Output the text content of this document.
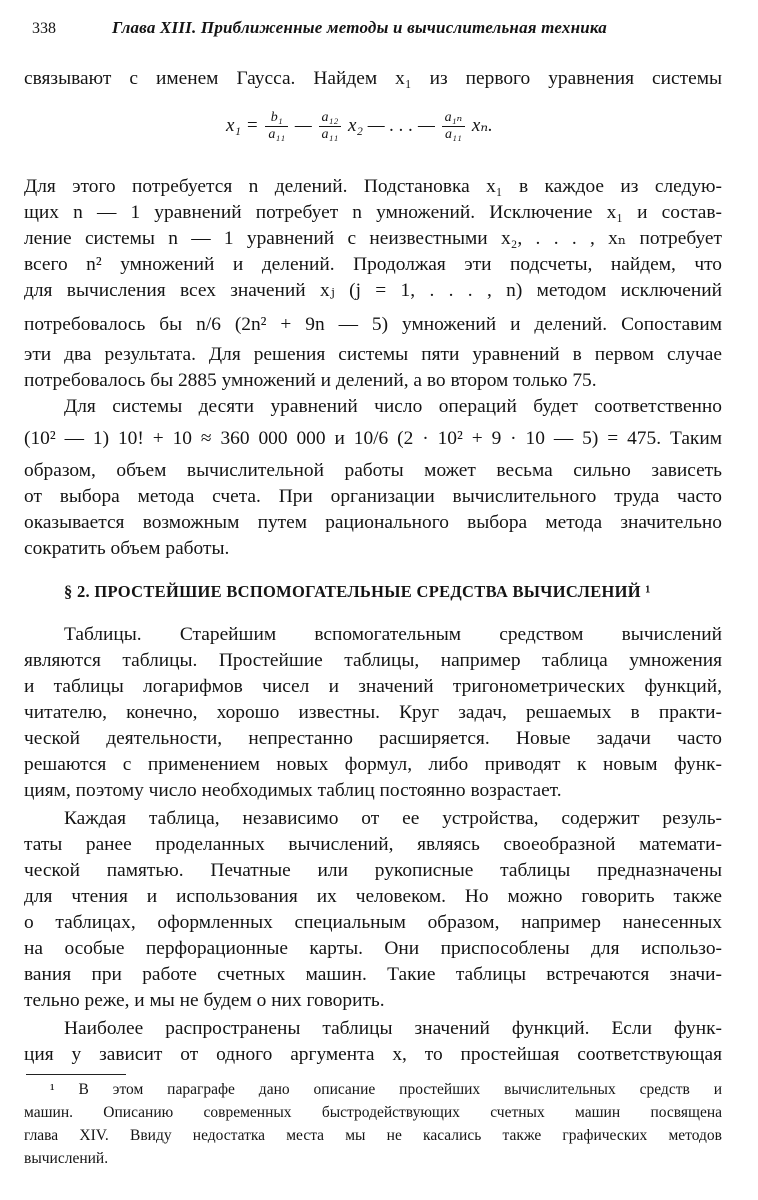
338	Глава XIII. Приближенные методы и вычислительная техника
связывают с именем Гаусса. Найдем x₁ из первого уравнения системы
$x_1 = \frac{\text{b₁}}{\text{a₁₁}}$ — $\frac{\text{a₁₂}}{\text{a₁₁}} x_2$ — . . . — $\frac{\text{a₁ₙ}}{\text{a₁₁}} x_n$.
Для этого потребуется n делений. Подстановка x₁ в каждое из следую-
щих n — 1 уравнений потребует n умножений. Исключение x₁ и состав-
ление системы n — 1 уравнений с неизвестными x₂, . . . , xₙ потребует
всего n² умножений и делений. Продолжая эти подсчеты, найдем, что
для вычисления всех значений xⱼ (j = 1, . . . , n) методом исключений
потребовалось бы n/6 (2n² + 9n — 5) умножений и делений. Сопоставим
эти два результата. Для решения системы пяти уравнений в первом случае
потребовалось бы 2885 умножений и делений, а во втором только 75.
Для системы десяти уравнений число операций будет соответственно
(10² — 1) 10! + 10 ≈ 360 000 000 и 10/6 (2 · 10² + 9 · 10 — 5) = 475. Таким
образом, объем вычислительной работы может весьма сильно зависеть
от выбора метода счета. При организации вычислительного труда часто
оказывается возможным путем рационального выбора метода значительно
сократить объем работы.
§ 2. ПРОСТЕЙШИЕ ВСПОМОГАТЕЛЬНЫЕ СРЕДСТВА ВЫЧИСЛЕНИЙ ¹
Таблицы. Старейшим вспомогательным средством вычислений
являются таблицы. Простейшие таблицы, например таблица умножения
и таблицы логарифмов чисел и значений тригонометрических функций,
читателю, конечно, хорошо известны. Круг задач, решаемых в практи-
ческой деятельности, непрестанно расширяется. Новые задачи часто
решаются с применением новых формул, либо приводят к новым функ-
циям, поэтому число необходимых таблиц постоянно возрастает.
Каждая таблица, независимо от ее устройства, содержит резуль-
таты ранее проделанных вычислений, являясь своеобразной математи-
ческой памятью. Печатные или рукописные таблицы предназначены
для чтения и использования их человеком. Но можно говорить также
о таблицах, оформленных специальным образом, например нанесенных
на особые перфорационные карты. Они приспособлены для использо-
вания при работе счетных машин. Такие таблицы встречаются значи-
тельно реже, и мы не будем о них говорить.
Наиболее распространены таблицы значений функций. Если функ-
ция y зависит от одного аргумента x, то простейшая соответствующая
¹ В этом параграфе дано описание простейших вычислительных средств и
машин. Описанию современных быстродействующих счетных машин посвящена
глава XIV. Ввиду недостатка места мы не касались также графических методов
вычислений.
